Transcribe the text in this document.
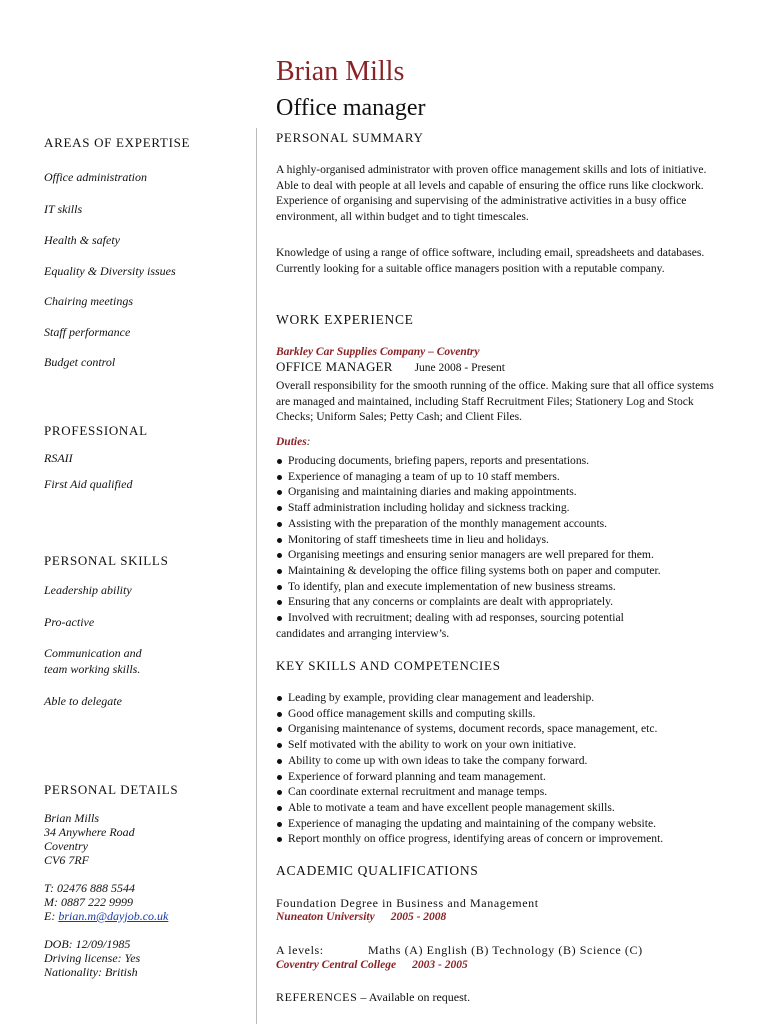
AREAS OF EXPERTISE
Office administration
IT skills
Health & safety
Equality & Diversity issues
Chairing meetings
Staff performance
Budget control
PROFESSIONAL
RSAII
First Aid qualified
PERSONAL SKILLS
Leadership ability
Pro-active
Communication and
team working skills.
Able to delegate
PERSONAL DETAILS
Brian Mills
34 Anywhere Road
Coventry
CV6 7RF
T: 02476 888 5544
M: 0887 222 9999
E: brian.m@dayjob.co.uk
DOB: 12/09/1985
Driving license: Yes
Nationality: British
Brian Mills
Office manager
PERSONAL SUMMARY

A highly-organised administrator with proven office management skills and lots of initiative. Able to deal with people at all levels and capable of ensuring the office runs like clockwork. Experience of organising and supervising of the administrative activities in a busy office environment, all within budget and to tight timescales.

Knowledge of using a range of office software, including email, spreadsheets and databases. Currently looking for a suitable office managers position with a reputable company.

WORK EXPERIENCE
Barkley Car Supplies Company – Coventry
OFFICE MANAGER June 2008 - Present

Overall responsibility for the smooth running of the office. Making sure that all office systems are managed and maintained, including Staff Recruitment Files; Stationery Log and Stock Checks; Uniform Sales; Petty Cash; and Client Files.

Duties:
Producing documents, briefing papers, reports and presentations.
Experience of managing a team of up to 10 staff members.
Organising and maintaining diaries and making appointments.
Staff administration including holiday and sickness tracking.
Assisting with the preparation of the monthly management accounts.
Monitoring of staff timesheets time in lieu and holidays.
Organising meetings and ensuring senior managers are well prepared for them.
Maintaining & developing the office filing systems both on paper and computer.
To identify, plan and execute implementation of new business streams.
Ensuring that any concerns or complaints are dealt with appropriately.
Involved with recruitment; dealing with ad responses, sourcing potential
candidates and arranging interview’s.
KEY SKILLS AND COMPETENCIES
Leading by example, providing clear management and leadership.
Good office management skills and computing skills.
Organising maintenance of systems, document records, space management, etc.
Self motivated with the ability to work on your own initiative.
Ability to come up with own ideas to take the company forward.
Experience of forward planning and team management.
Can coordinate external recruitment and manage temps.
Able to motivate a team and have excellent people management skills.
Experience of managing the updating and maintaining of the company website.
Report monthly on office progress, identifying areas of concern or improvement.
ACADEMIC QUALIFICATIONS
Foundation Degree in Business and Management
Nuneaton University 2005 - 2008
A levels:	Maths (A) English (B) Technology (B) Science (C)
Coventry Central College 2003 - 2005
REFERENCES – Available on request.
